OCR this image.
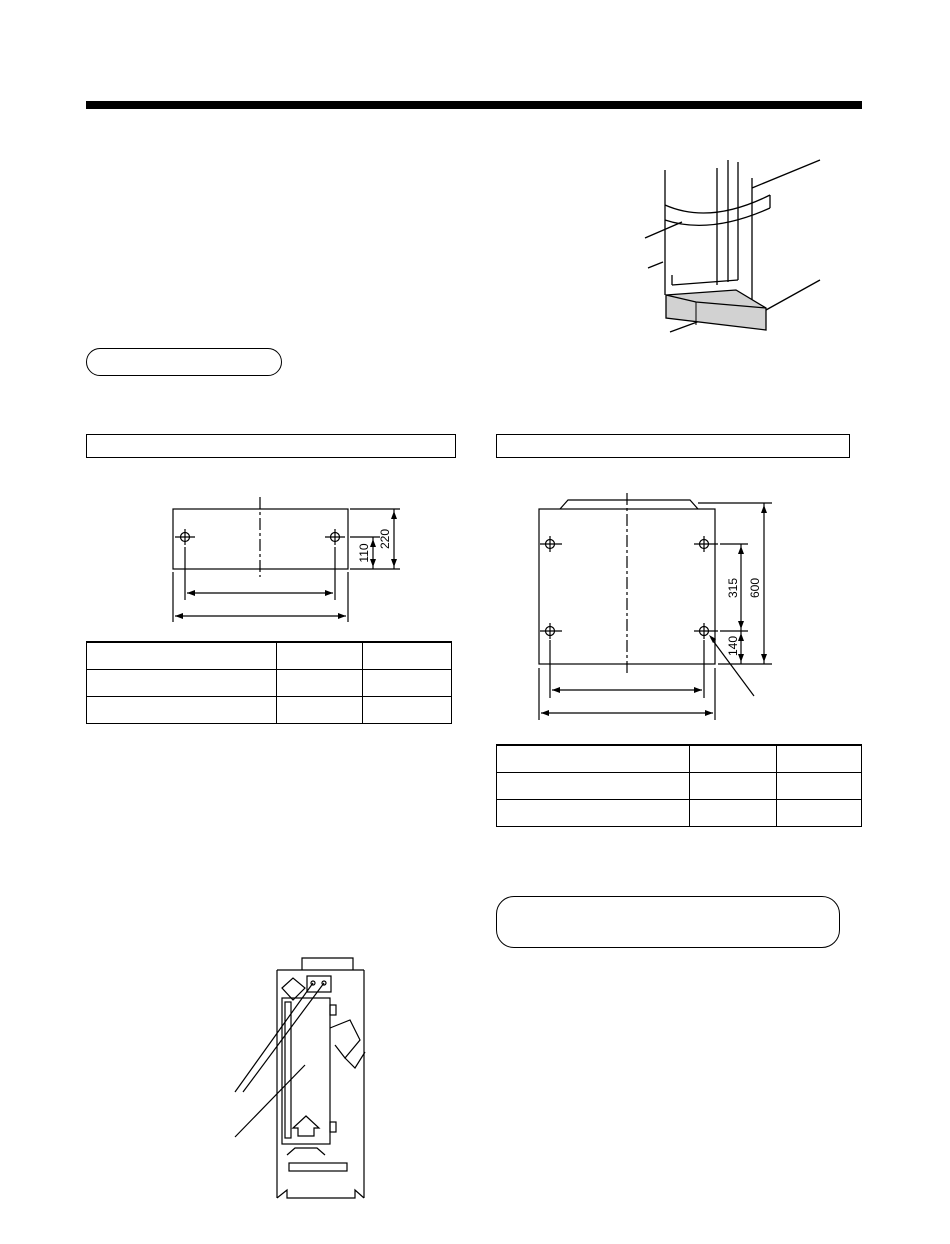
110
220

315 600
140
